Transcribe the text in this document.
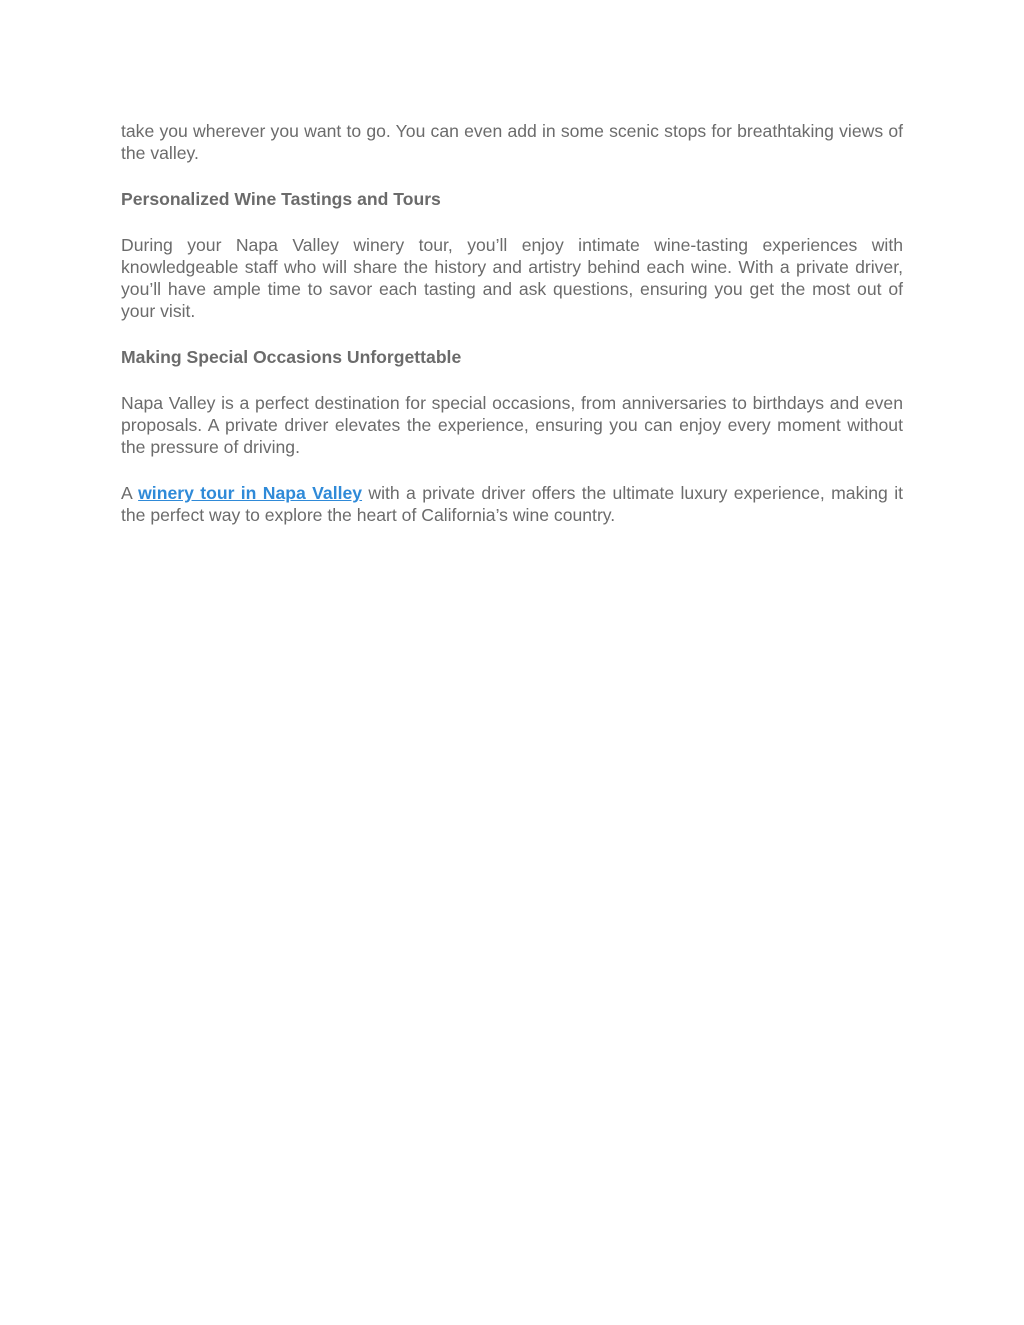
take you wherever you want to go. You can even add in some scenic stops for breathtaking views of the valley.

Personalized Wine Tastings and Tours

During your Napa Valley winery tour, you’ll enjoy intimate wine-tasting experiences with knowledgeable staff who will share the history and artistry behind each wine. With a private driver, you’ll have ample time to savor each tasting and ask questions, ensuring you get the most out of your visit.

Making Special Occasions Unforgettable

Napa Valley is a perfect destination for special occasions, from anniversaries to birthdays and even proposals. A private driver elevates the experience, ensuring you can enjoy every moment without the pressure of driving.

A winery tour in Napa Valley with a private driver offers the ultimate luxury experience, making it the perfect way to explore the heart of California’s wine country.
